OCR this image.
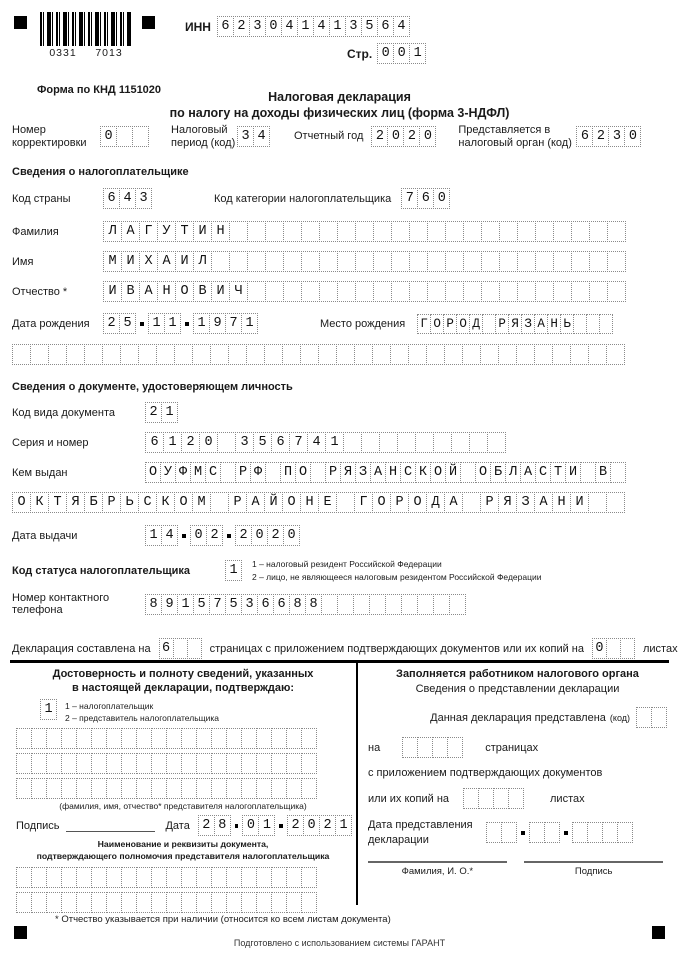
0331 7013
ИНН 6 2 3 0 4 1 4 1 3 5 6 4
Стр. 0 0 1
Форма по КНД 1151020	Налоговая декларация
по налогу на доходы физических лиц (форма 3-НДФЛ)
Номер корректировки	0	Налоговый период (код) 3 4	Отчетный год 2 0 2 0	Представляется в налоговый орган (код) 6 2 3 0
Сведения о налогоплательщике
Код страны	6 4 3	Код категории налогоплательщика	7 6 0
Фамилия	Л А Г У Т И Н
Имя	М И Х А И Л
Отчество *	И В А Н О В И Ч
Дата рождения	2 5	1 1	1 9 7 1	Место рождения Г О Р О Д Р Я З А Н Ь
Сведения о документе, удостоверяющем личность
Код вида документа	2 1
Серия и номер	6 1 2 0	3 5 6 7 4 1
Кем выдан	О У Ф М С Р Ф П О Р Я З А Н С К О Й О Б Л А С Т И В
О К Т Я Б Р Ь С К О М	Р А Й О Н Е	Г О Р О Д А	Р Я З А Н И
Дата выдачи	1 4	0 2	2 0 2 0
Код статуса налогоплательщика	1	1 – налоговый резидент Российской Федерации
2 – лицо, не являющееся налоговым резидентом Российской Федерации
Номер контактного телефона	8 9 1 5 7 5 3 6 6 8 8
Декларация составлена на 6	страницах с приложением подтверждающих документов или их копий на 0	листах
Достоверность и полноту сведений, указанных
в настоящей декларации, подтверждаю:
1	1 – налогоплательщик
2 – представитель налогоплательщика
(фамилия, имя, отчество* представителя налогоплательщика)
Подпись	Дата 2 8	0 1	2 0 2 1
Наименование и реквизиты документа,
подтверждающего полномочия представителя налогоплательщика
Заполняется работником налогового органа
Сведения о представлении декларации
Данная декларация представлена (код)
на	страницах
с приложением подтверждающих документов
или их копий на	листах
Дата представления
декларации
Фамилия, И. О.*	Подпись
* Отчество указывается при наличии (относится ко всем листам документа)
Подготовлено с использованием системы ГАРАНТ
